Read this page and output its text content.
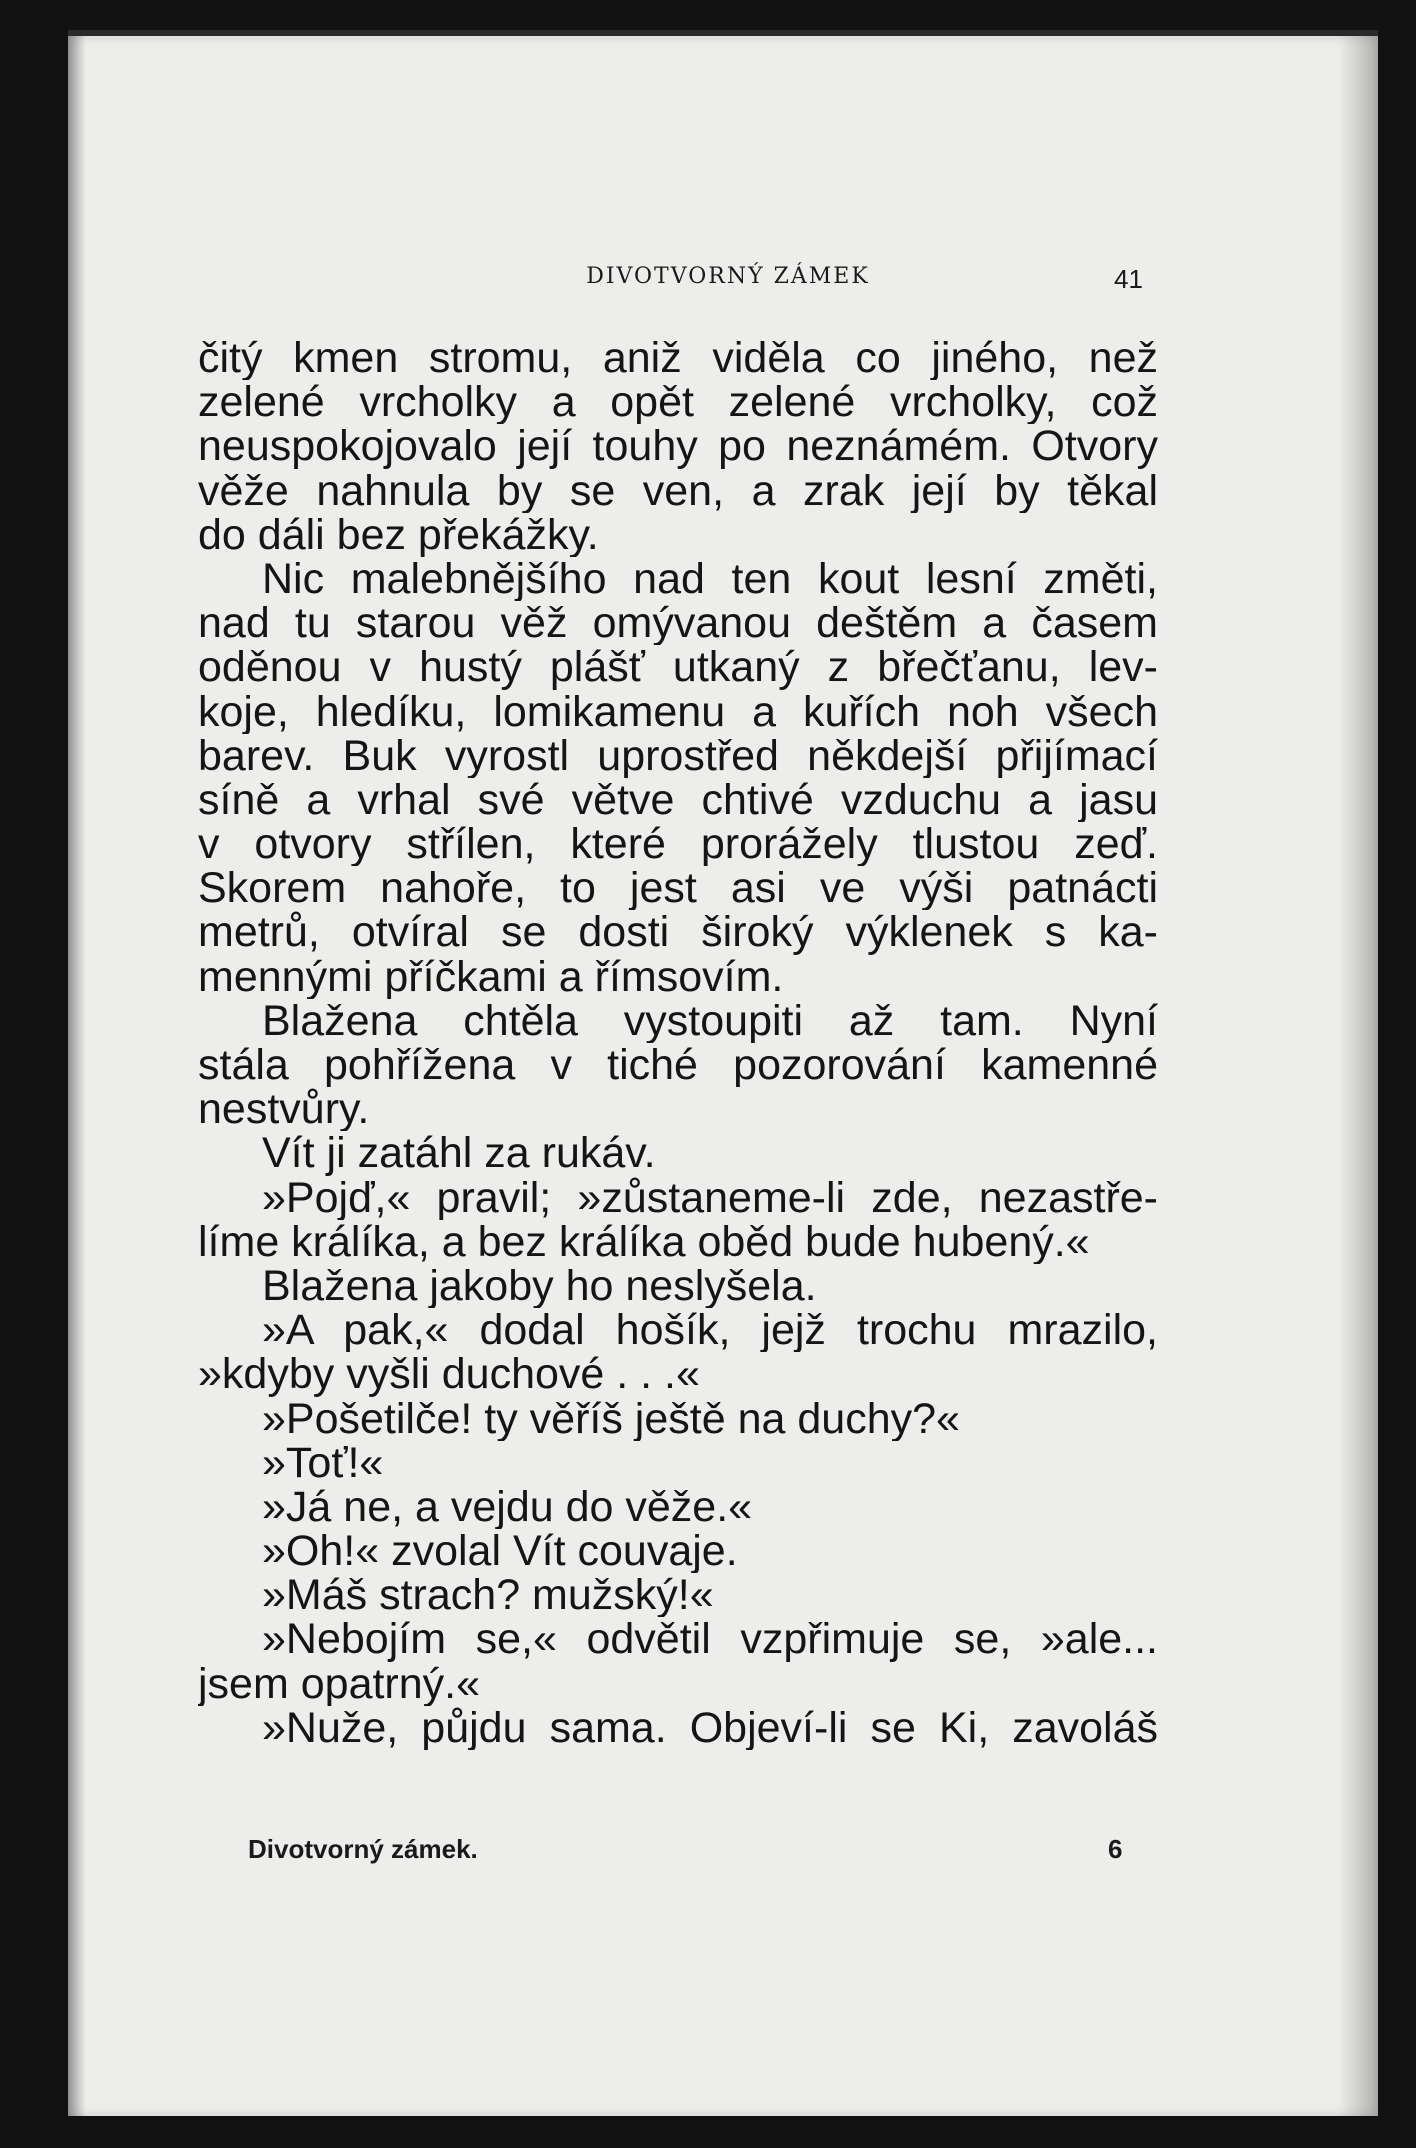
DIVOTVORNÝ ZÁMEK	41
čitý kmen stromu, aniž viděla co jiného, než
zelené vrcholky a opět zelené vrcholky, což
neuspokojovalo její touhy po neznámém. Otvory
věže nahnula by se ven, a zrak její by těkal
do dáli bez překážky.
Nic malebnějšího nad ten kout lesní změti,
nad tu starou věž omývanou deštěm a časem
oděnou v hustý plášť utkaný z břečťanu, lev-
koje, hledíku, lomikamenu a kuřích noh všech
barev. Buk vyrostl uprostřed někdejší přijímací
síně a vrhal své větve chtivé vzduchu a jasu
v otvory střílen, které prorážely tlustou zeď.
Skorem nahoře, to jest asi ve výši patnácti
metrů, otvíral se dosti široký výklenek s ka-
mennými příčkami a římsovím.
Blažena chtěla vystoupiti až tam. Nyní
stála pohřížena v tiché pozorování kamenné
nestvůry.
Vít ji zatáhl za rukáv.
»Pojď,« pravil; »zůstaneme-li zde, nezastře-
líme králíka, a bez králíka oběd bude hubený.«
Blažena jakoby ho neslyšela.
»A pak,« dodal hošík, jejž trochu mrazilo,
»kdyby vyšli duchové . . .«
»Pošetilče! ty věříš ještě na duchy?«
»Toť!«
»Já ne, a vejdu do věže.«
»Oh!« zvolal Vít couvaje.
»Máš strach? mužský!«
»Nebojím se,« odvětil vzpřimuje se, »ale...
jsem opatrný.«
»Nuže, půjdu sama. Objeví-li se Ki, zavoláš
Divotvorný zámek.	6
